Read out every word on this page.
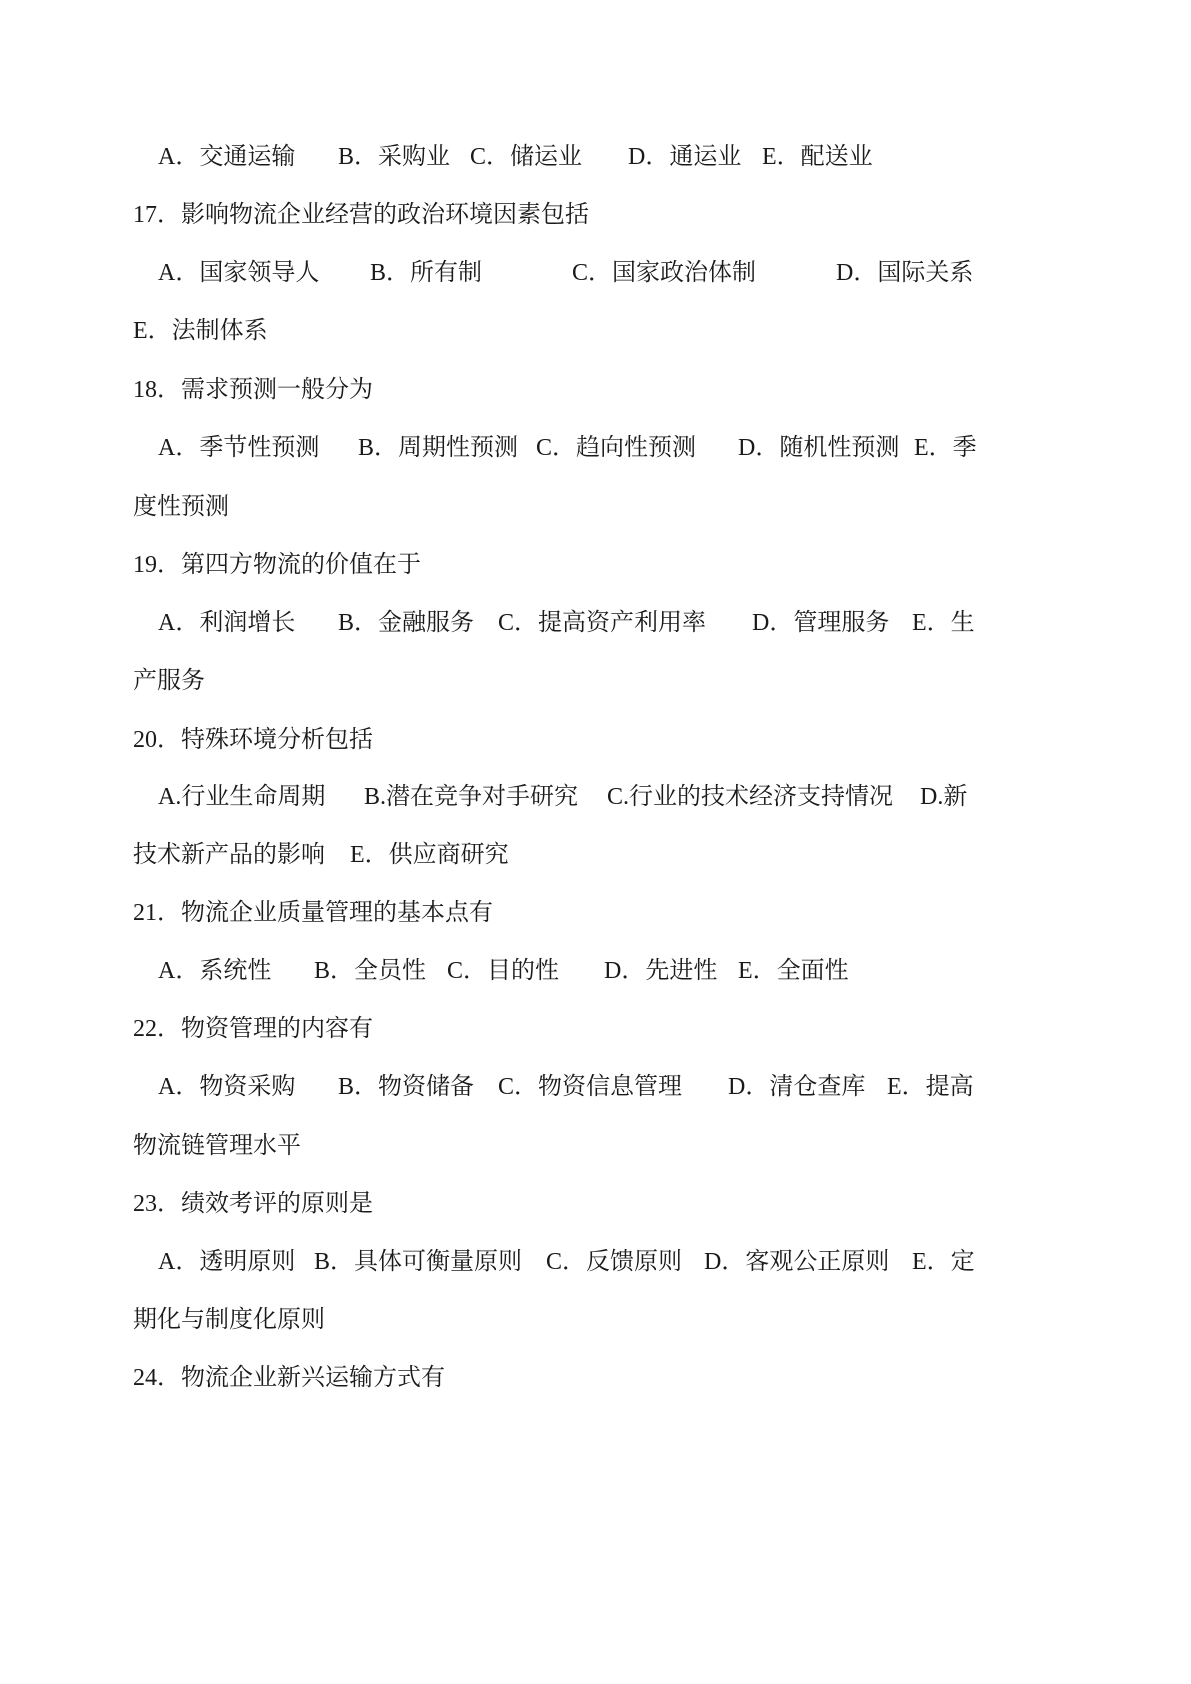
A．交通运输 B．采购业 C．储运业 D．通运业 E．配送业
17． 影响物流企业经营的政治环境因素包括
A．国家领导人 B．所有制	C．国家政治体制	D．国际关系
E．法制体系
18． 需求预测一般分为
A．季节性预测 B．周期性预测 C．趋向性预测 D．随机性预测 E．季
度性预测
19． 第四方物流的价值在于
A．利润增长 B．金融服务 C．提高资产利用率 D．管理服务 E．生
产服务
20． 特殊环境分析包括
A.行业生命周期 B.潜在竞争对手研究 C.行业的技术经济支持情况 D.新
技术新产品的影响 E．供应商研究
21． 物流企业质量管理的基本点有
A．系统性 B．全员性 C．目的性 D．先进性 E．全面性
22． 物资管理的内容有
A．物资采购 B．物资储备 C．物资信息管理 D．清仓查库 E．提高
物流链管理水平
23． 绩效考评的原则是
A．透明原则 B．具体可衡量原则 C．反馈原则 D．客观公正原则 E．定
期化与制度化原则
24． 物流企业新兴运输方式有
